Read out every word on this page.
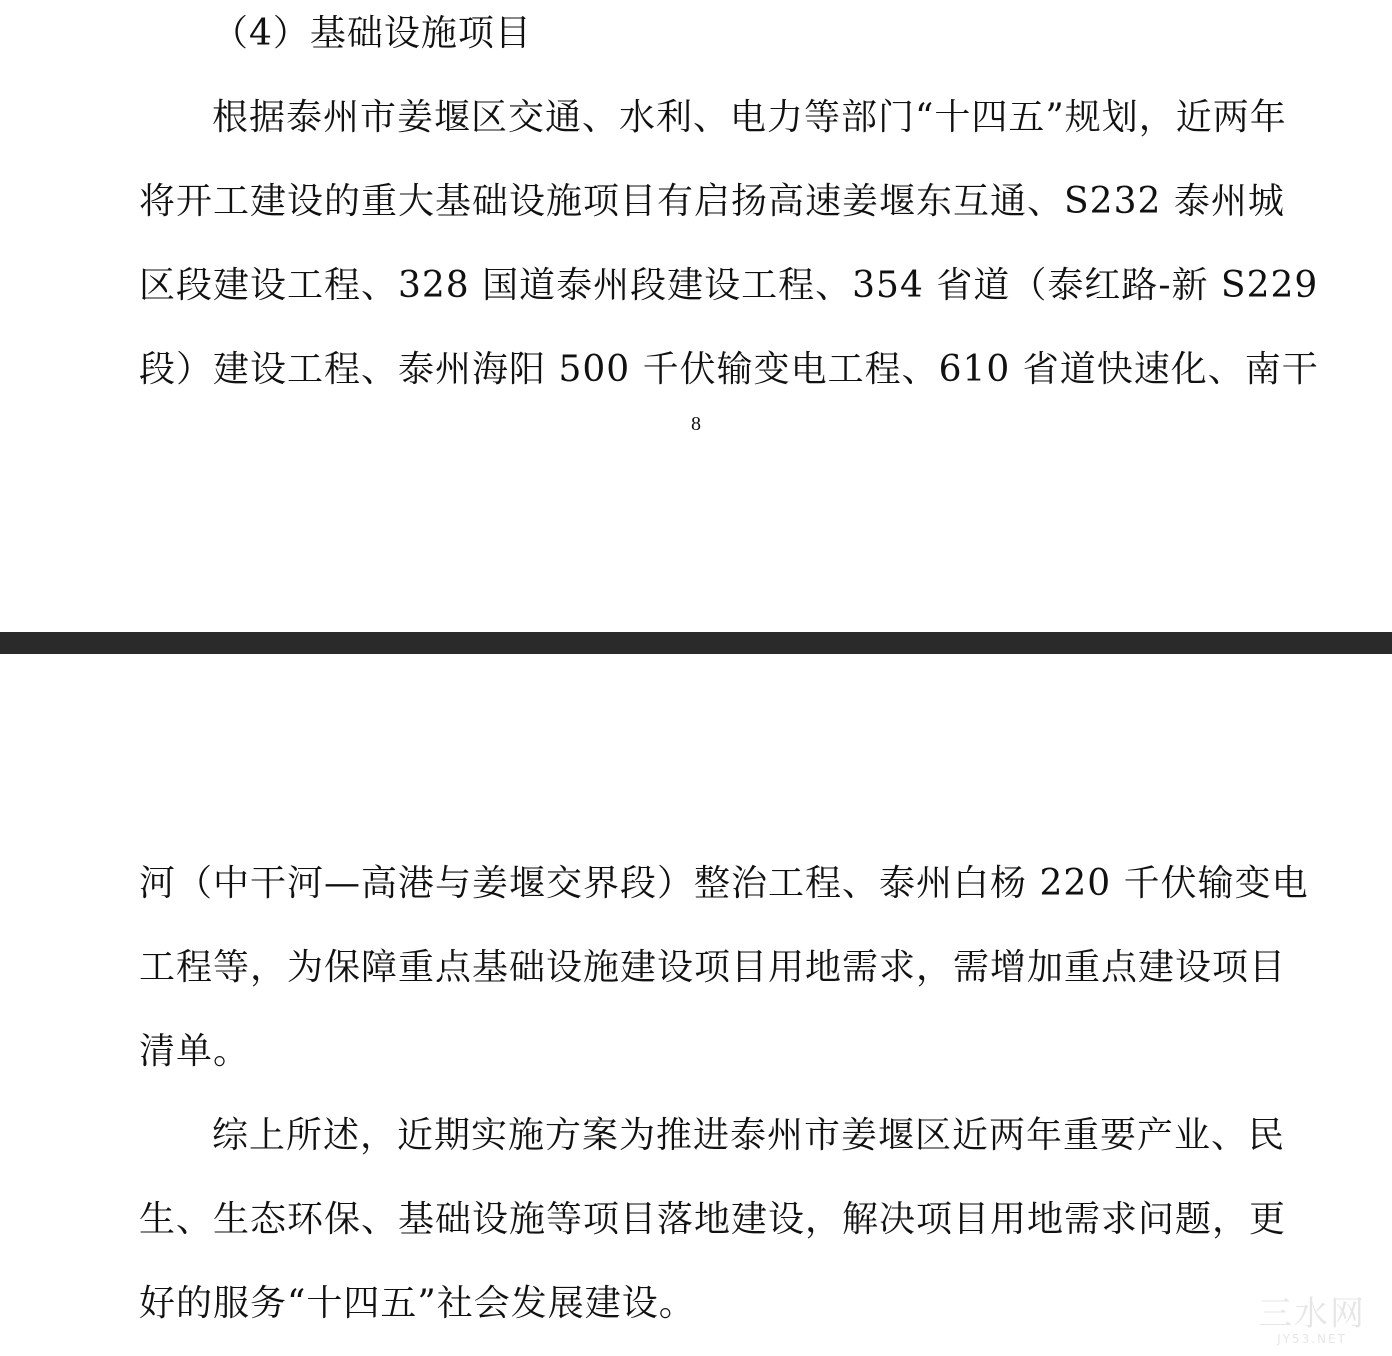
（4）基础设施项目
根据泰州市姜堰区交通、水利、电力等部门“十四五”规划，近两年
将开工建设的重大基础设施项目有启扬高速姜堰东互通、S232 泰州城
区段建设工程、328 国道泰州段建设工程、354 省道（泰红路-新 S229
段）建设工程、泰州海阳 500 千伏输变电工程、610 省道快速化、南干
8
河（中干河—高港与姜堰交界段）整治工程、泰州白杨 220 千伏输变电
工程等，为保障重点基础设施建设项目用地需求，需增加重点建设项目
清单。
综上所述，近期实施方案为推进泰州市姜堰区近两年重要产业、民
生、生态环保、基础设施等项目落地建设，解决项目用地需求问题，更
好的服务“十四五”社会发展建设。	三水网
JY53.NET
